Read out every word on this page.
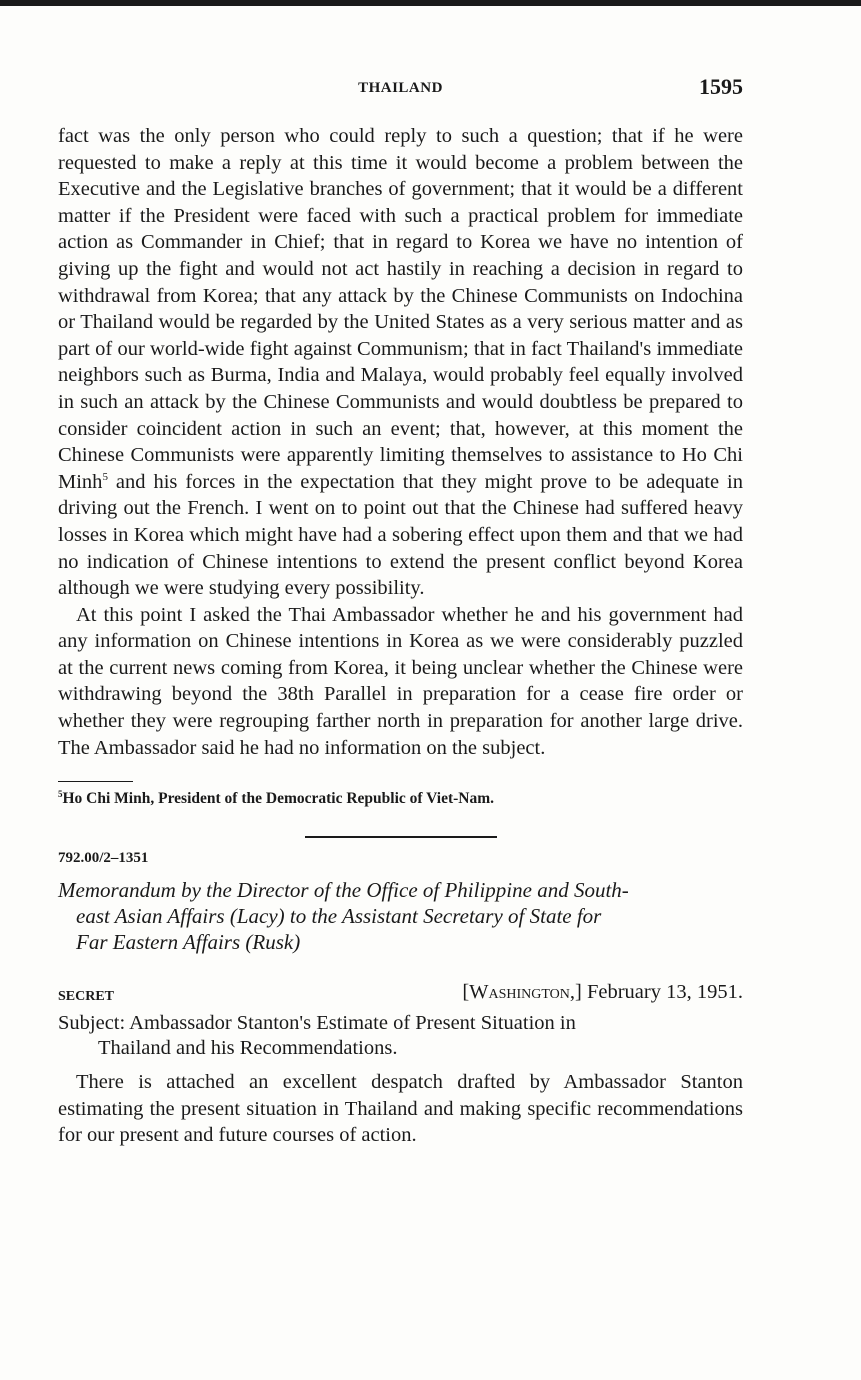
THAILAND	1595

fact was the only person who could reply to such a question; that if he were requested to make a reply at this time it would become a problem between the Executive and the Legislative branches of government; that it would be a different matter if the President were faced with such a practical problem for immediate action as Commander in Chief; that in regard to Korea we have no intention of giving up the fight and would not act hastily in reaching a decision in regard to withdrawal from Korea; that any attack by the Chinese Communists on Indochina or Thailand would be regarded by the United States as a very serious matter and as part of our world-wide fight against Communism; that in fact Thailand's immediate neighbors such as Burma, India and Malaya, would probably feel equally involved in such an attack by the Chinese Communists and would doubtless be prepared to consider coincident action in such an event; that, however, at this moment the Chinese Communists were apparently limiting themselves to assistance to Ho Chi Minh$^5$ and his forces in the expectation that they might prove to be adequate in driving out the French. I went on to point out that the Chinese had suffered heavy losses in Korea which might have had a sobering effect upon them and that we had no indication of Chinese intentions to extend the present conflict beyond Korea although we were studying every possibility.

At this point I asked the Thai Ambassador whether he and his government had any information on Chinese intentions in Korea as we were considerably puzzled at the current news coming from Korea, it being unclear whether the Chinese were withdrawing beyond the 38th Parallel in preparation for a cease fire order or whether they were regrouping farther north in preparation for another large drive. The Ambassador said he had no information on the subject.

$^5$Ho Chi Minh, President of the Democratic Republic of Viet-Nam.
792.00/2–1351
Memorandum by the Director of the Office of Philippine and South-
east Asian Affairs (Lacy) to the Assistant Secretary of State for
Far Eastern Affairs (Rusk)
SECRET	[Washington,] February 13, 1951.
Subject: Ambassador Stanton's Estimate of Present Situation in
Thailand and his Recommendations.

There is attached an excellent despatch drafted by Ambassador Stanton estimating the present situation in Thailand and making specific recommendations for our present and future courses of action.
